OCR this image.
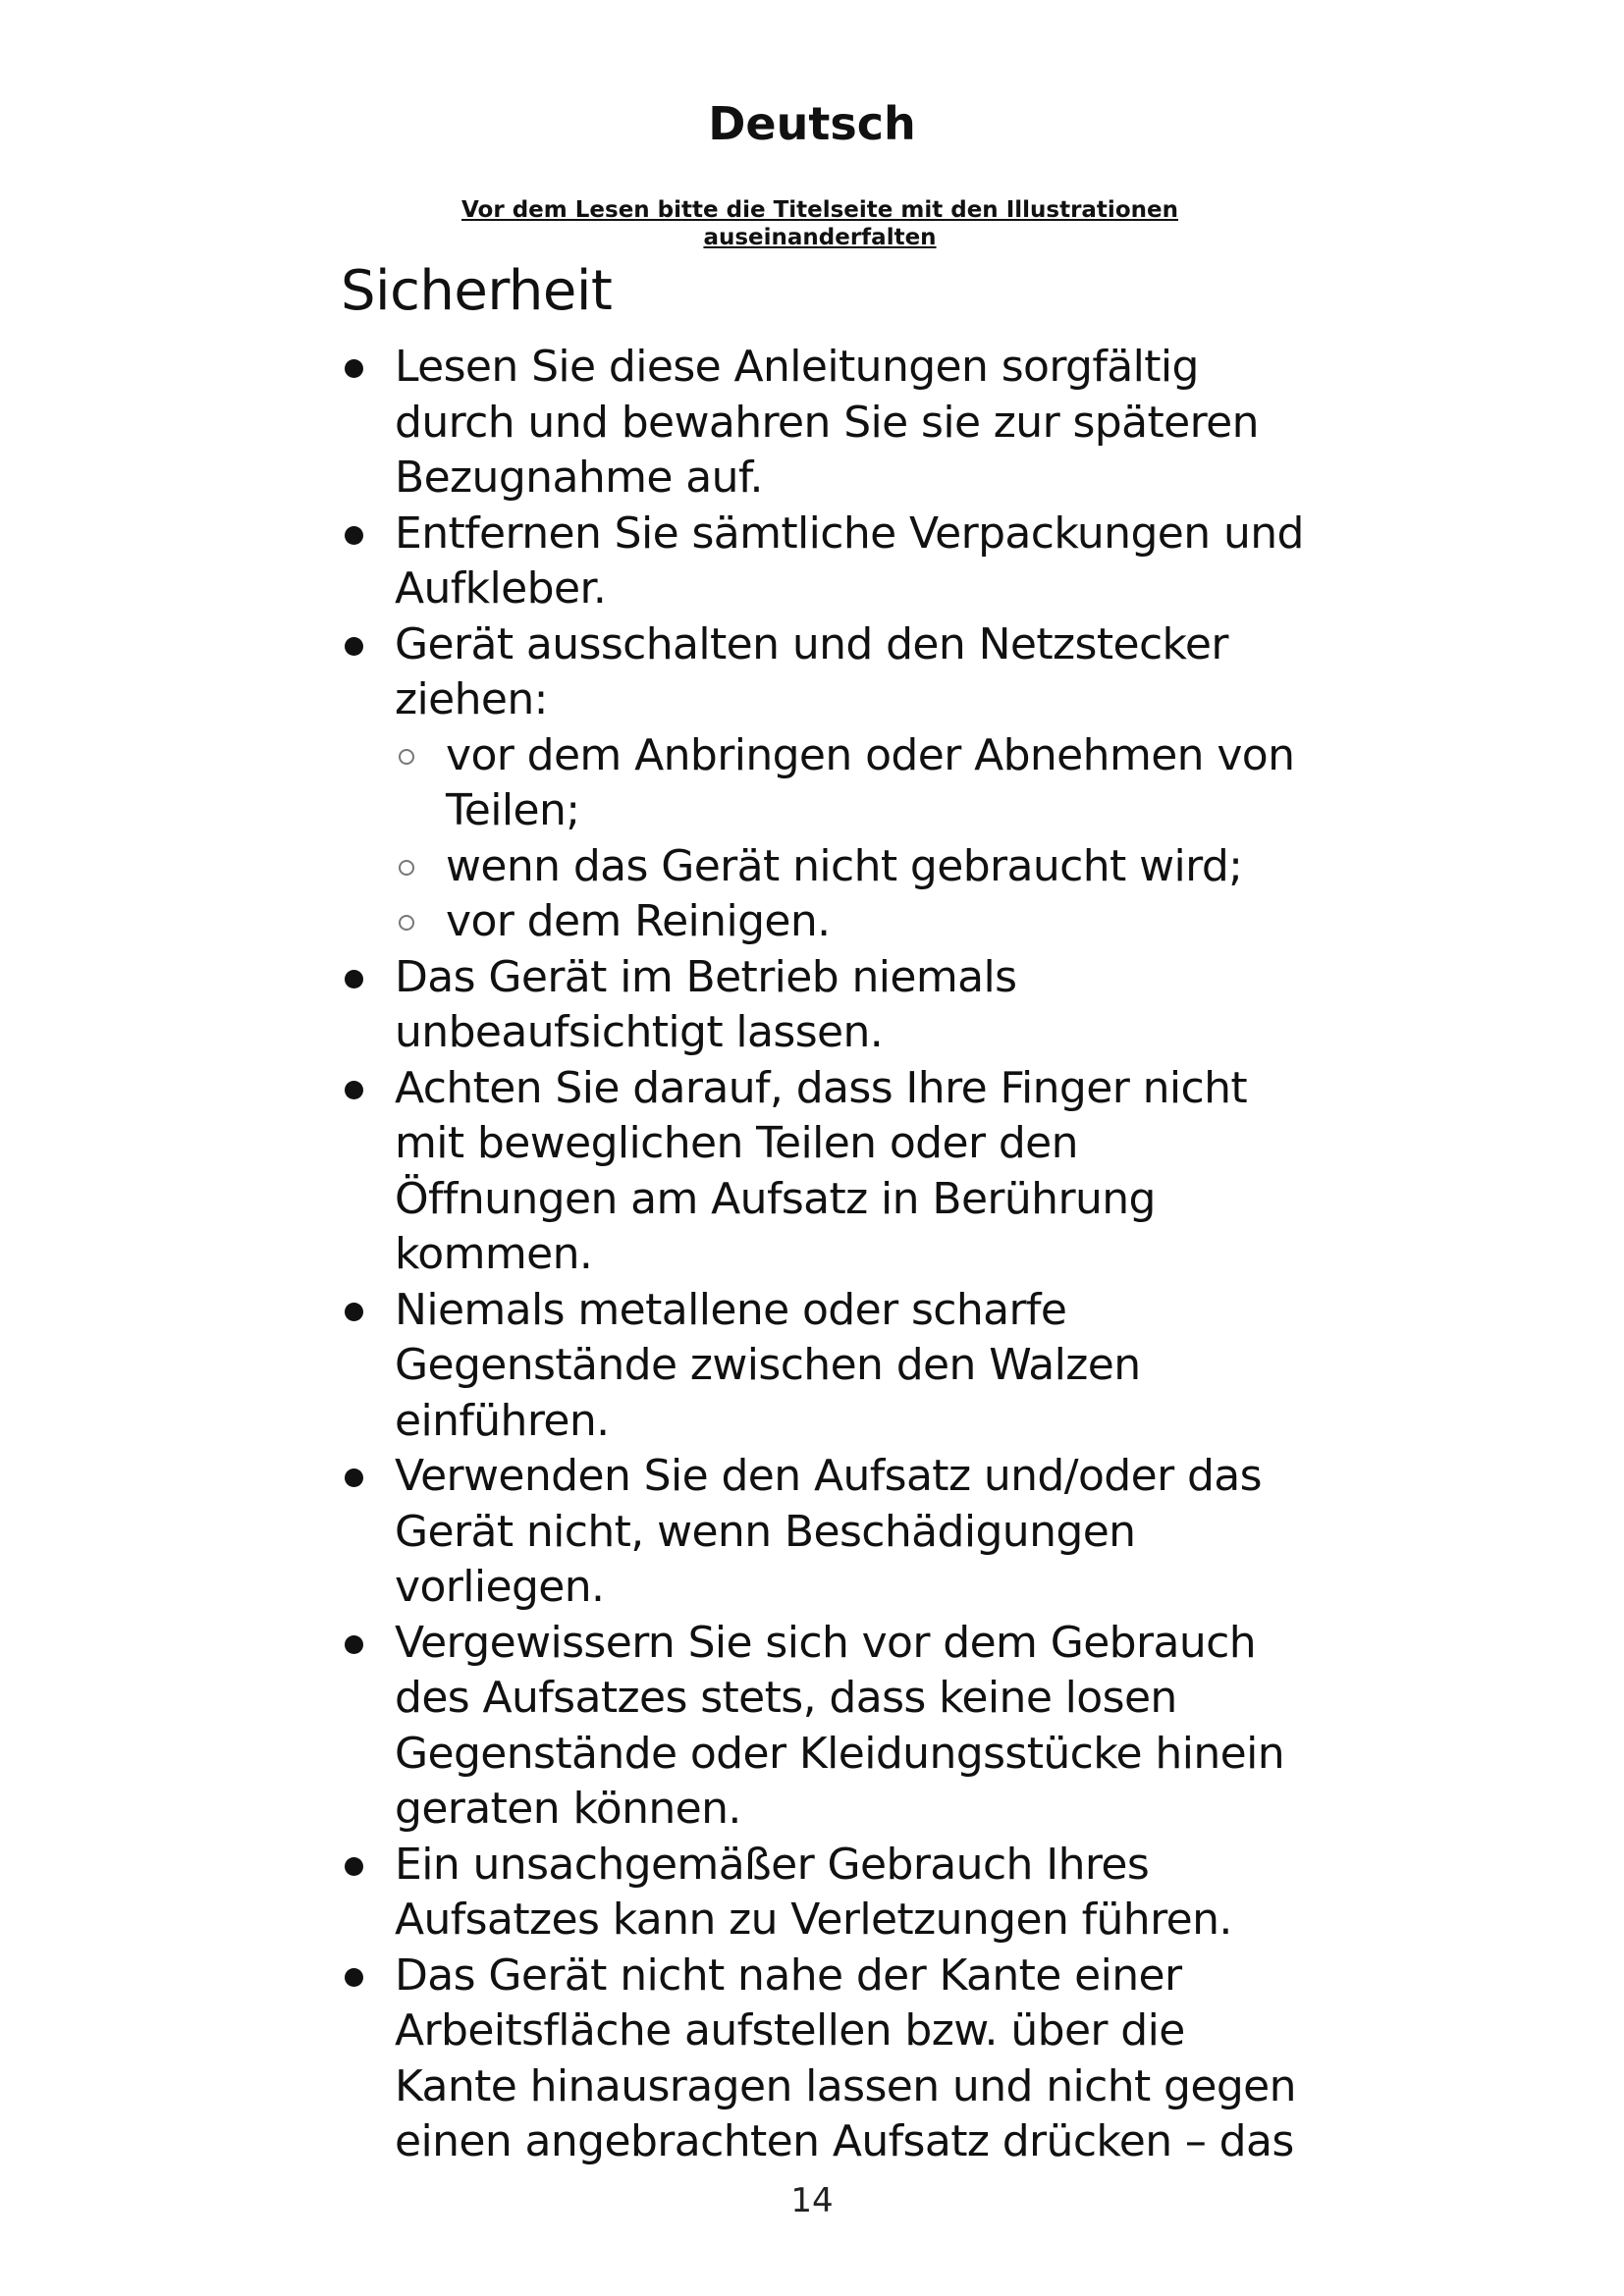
Deutsch

Vor dem Lesen bitte die Titelseite mit den Illustrationen auseinanderfalten

Sicherheit
Lesen Sie diese Anleitungen sorgfältig durch und bewahren Sie sie zur späteren Bezugnahme auf.
Entfernen Sie sämtliche Verpackungen und Aufkleber.
Gerät ausschalten und den Netzstecker ziehen:
vor dem Anbringen oder Abnehmen von Teilen;
wenn das Gerät nicht gebraucht wird;
vor dem Reinigen.
Das Gerät im Betrieb niemals unbeaufsichtigt lassen.
Achten Sie darauf, dass Ihre Finger nicht mit beweglichen Teilen oder den Öffnungen am Aufsatz in Berührung kommen.
Niemals metallene oder scharfe Gegenstände zwischen den Walzen einführen.
Verwenden Sie den Aufsatz und/oder das Gerät nicht, wenn Beschädigungen vorliegen.
Vergewissern Sie sich vor dem Gebrauch des Aufsatzes stets, dass keine losen Gegenstände oder Kleidungsstücke hinein geraten können.
Ein unsachgemäßer Gebrauch Ihres Aufsatzes kann zu Verletzungen führen.
Das Gerät nicht nahe der Kante einer Arbeitsfläche aufstellen bzw. über die Kante hinausragen lassen und nicht gegen einen angebrachten Aufsatz drücken – das
14
